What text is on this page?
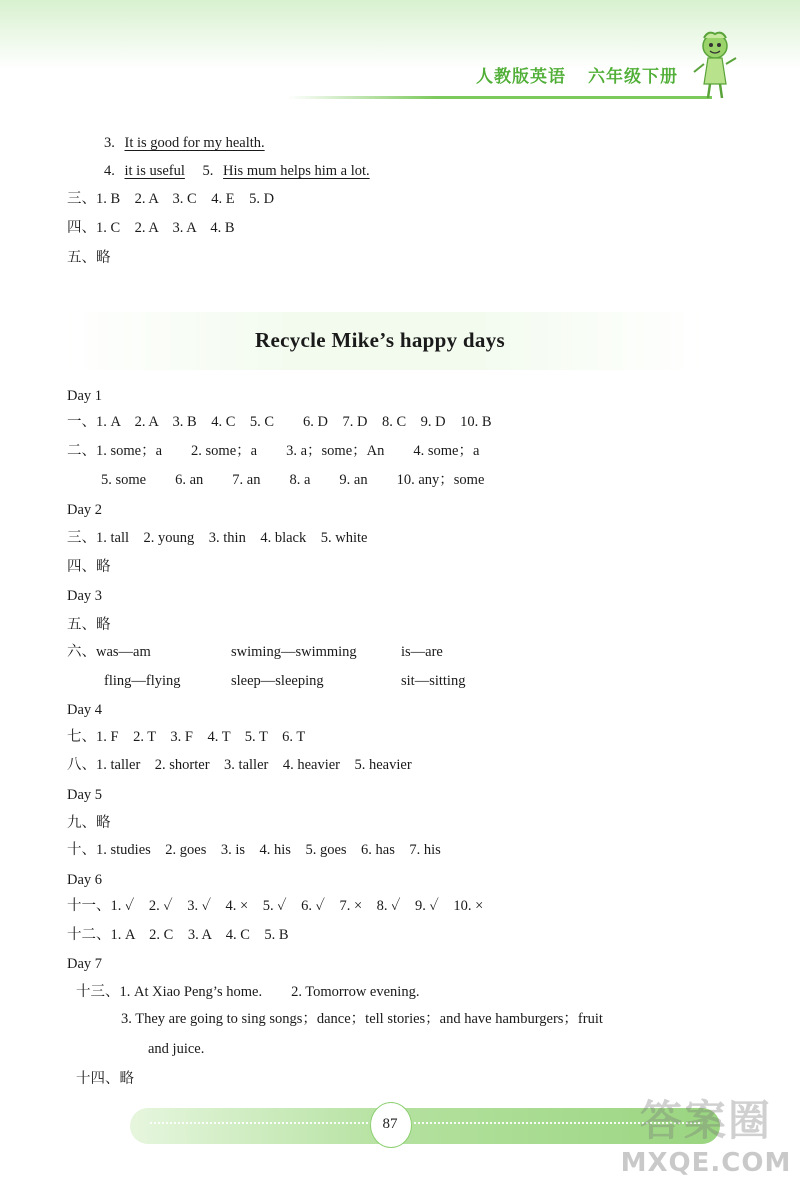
人教版英语 六年级下册
3. It is good for my health.
4. it is useful 5. His mum helps him a lot.
三、1. B　2. A　3. C　4. E　5. D
四、1. C　2. A　3. A　4. B
五、略
Recycle Mike’s happy days
Day 1
一、1. A　2. A　3. B　4. C　5. C　　6. D　7. D　8. C　9. D　10. B
二、1. some；a　　2. some；a　　3. a；some；An　　4. some；a
5. some　　6. an　　7. an　　8. a　　9. an　　10. any；some
Day 2
三、1. tall　2. young　3. thin　4. black　5. white
四、略
Day 3
五、略
六、was—am	swiming—swimming	is—are
fling—flying	sleep—sleeping	sit—sitting
Day 4
七、1. F　2. T　3. F　4. T　5. T　6. T
八、1. taller　2. shorter　3. taller　4. heavier　5. heavier
Day 5
九、略
十、1. studies　2. goes　3. is　4. his　5. goes　6. has　7. his
Day 6
十一、1. ✓　2. ✓　3. ✓　4. ×　5. ✓　6. ✓　7. ×　8. ✓　9. ✓　10. ×
十二、1. A　2. C　3. A　4. C　5. B
Day 7
十三、1. At Xiao Peng’s home.　　2. Tomorrow evening.
3. They are going to sing songs；dance；tell stories；and have hamburgers；fruit
and juice.
十四、略
87	答案圈
MXQE.COM
